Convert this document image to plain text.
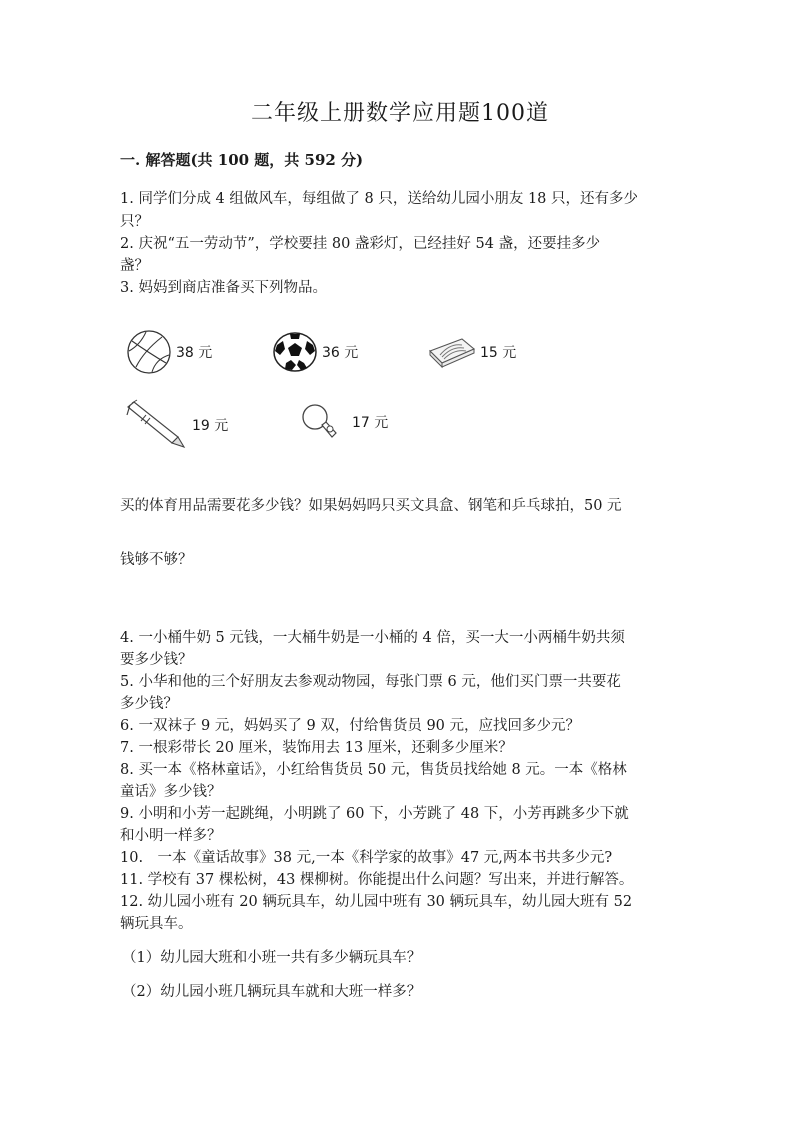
二年级上册数学应用题100道
一. 解答题(共 100 题，共 592 分)
1. 同学们分成 4 组做风车，每组做了 8 只，送给幼儿园小朋友 18 只，还有多少
只？
2. 庆祝“五一劳动节”，学校要挂 80 盏彩灯，已经挂好 54 盏，还要挂多少
盏？
3. 妈妈到商店准备买下列物品。
38 元	36 元	15 元
19 元	17 元
买的体育用品需要花多少钱？如果妈妈吗只买文具盒、钢笔和乒乓球拍，50 元
钱够不够？
4. 一小桶牛奶 5 元钱，一大桶牛奶是一小桶的 4 倍，买一大一小两桶牛奶共须
要多少钱？
5. 小华和他的三个好朋友去参观动物园，每张门票 6 元，他们买门票一共要花
多少钱？
6. 一双袜子 9 元，妈妈买了 9 双，付给售货员 90 元，应找回多少元？
7. 一根彩带长 20 厘米，装饰用去 13 厘米，还剩多少厘米？
8. 买一本《格林童话》，小红给售货员 50 元，售货员找给她 8 元。一本《格林
童话》多少钱？
9. 小明和小芳一起跳绳，小明跳了 60 下，小芳跳了 48 下，小芳再跳多少下就
和小明一样多？
10.　一本《童话故事》38 元,一本《科学家的故事》47 元,两本书共多少元?
11. 学校有 37 棵松树，43 棵柳树。你能提出什么问题？写出来，并进行解答。
12. 幼儿园小班有 20 辆玩具车，幼儿园中班有 30 辆玩具车，幼儿园大班有 52
辆玩具车。
（1）幼儿园大班和小班一共有多少辆玩具车？
（2）幼儿园小班几辆玩具车就和大班一样多？
